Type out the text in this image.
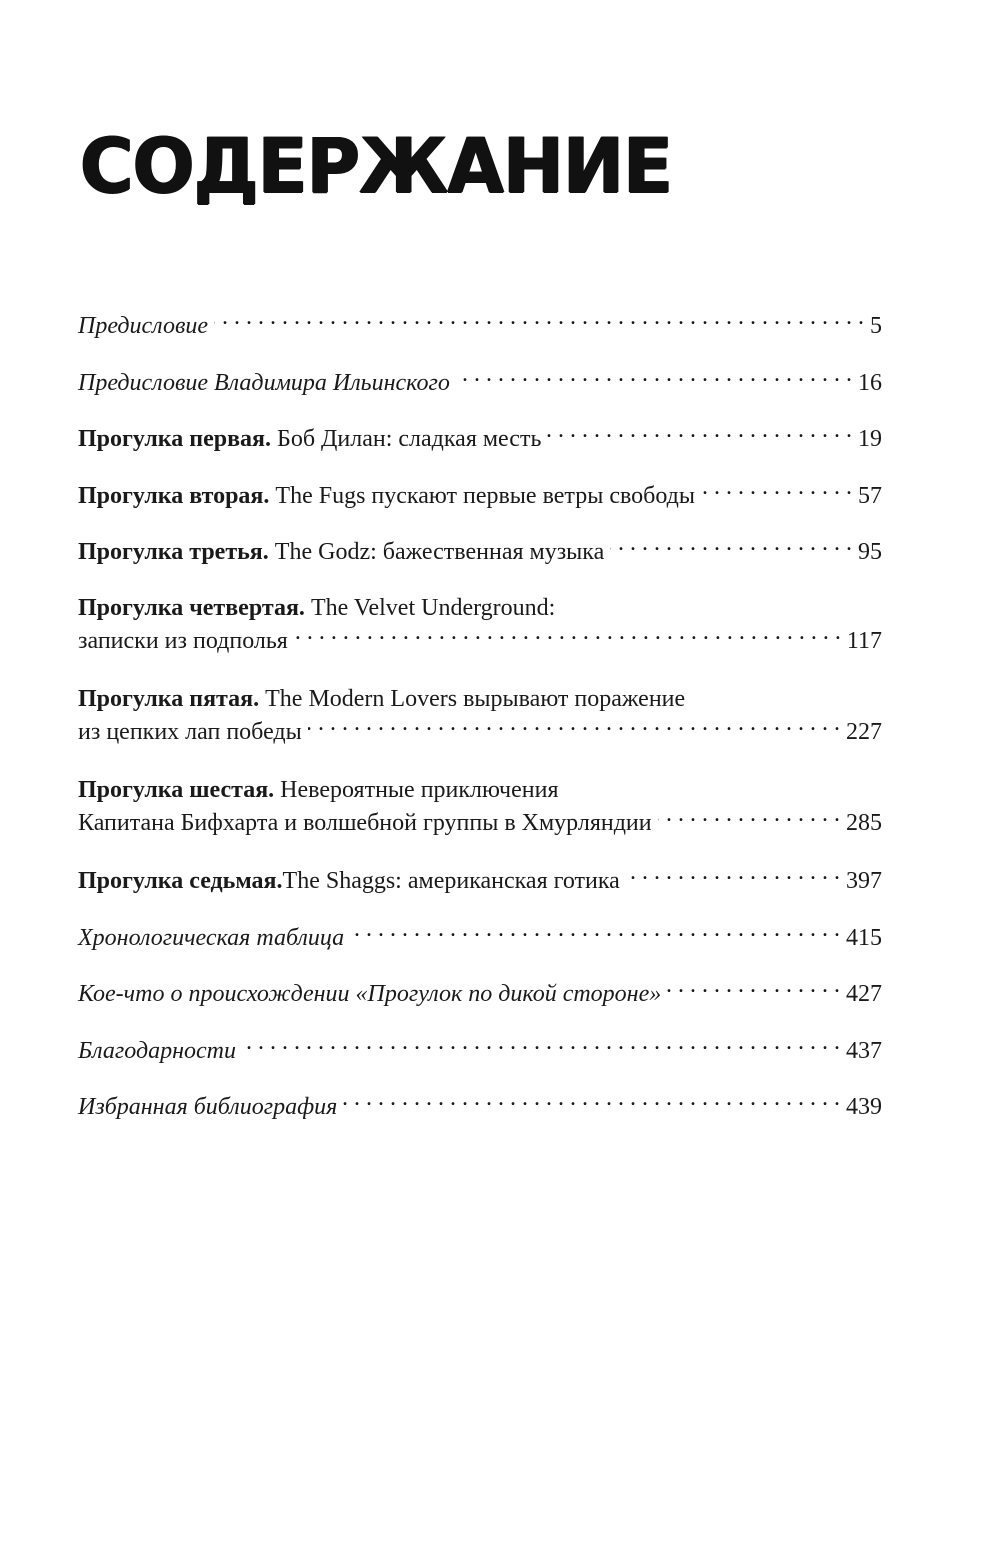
СОДЕРЖАНИЕ
Предисловие . . .	5
Предисловие Владимира Ильинского . . .	16
Прогулка первая. Боб Дилан: сладкая месть . . .	19
Прогулка вторая. The Fugs пускают первые ветры свободы . . .	57
Прогулка третья. The Godz: бажественная музыка . . .	95
Прогулка четвертая. The Velvet Underground:
записки из подполья . . .	117
Прогулка пятая. The Modern Lovers вырывают поражение
из цепких лап победы . . .	227
Прогулка шестая. Невероятные приключения
Капитана Бифхарта и волшебной группы в Хмурляндии . . .	285
Прогулка седьмая.The Shaggs: американская готика . . .	397
Хронологическая таблица . . .	415
Кое-что о происхождении «Прогулок по дикой стороне» . . .	427
Благодарности . . .	437
Избранная библиография . . .	439
